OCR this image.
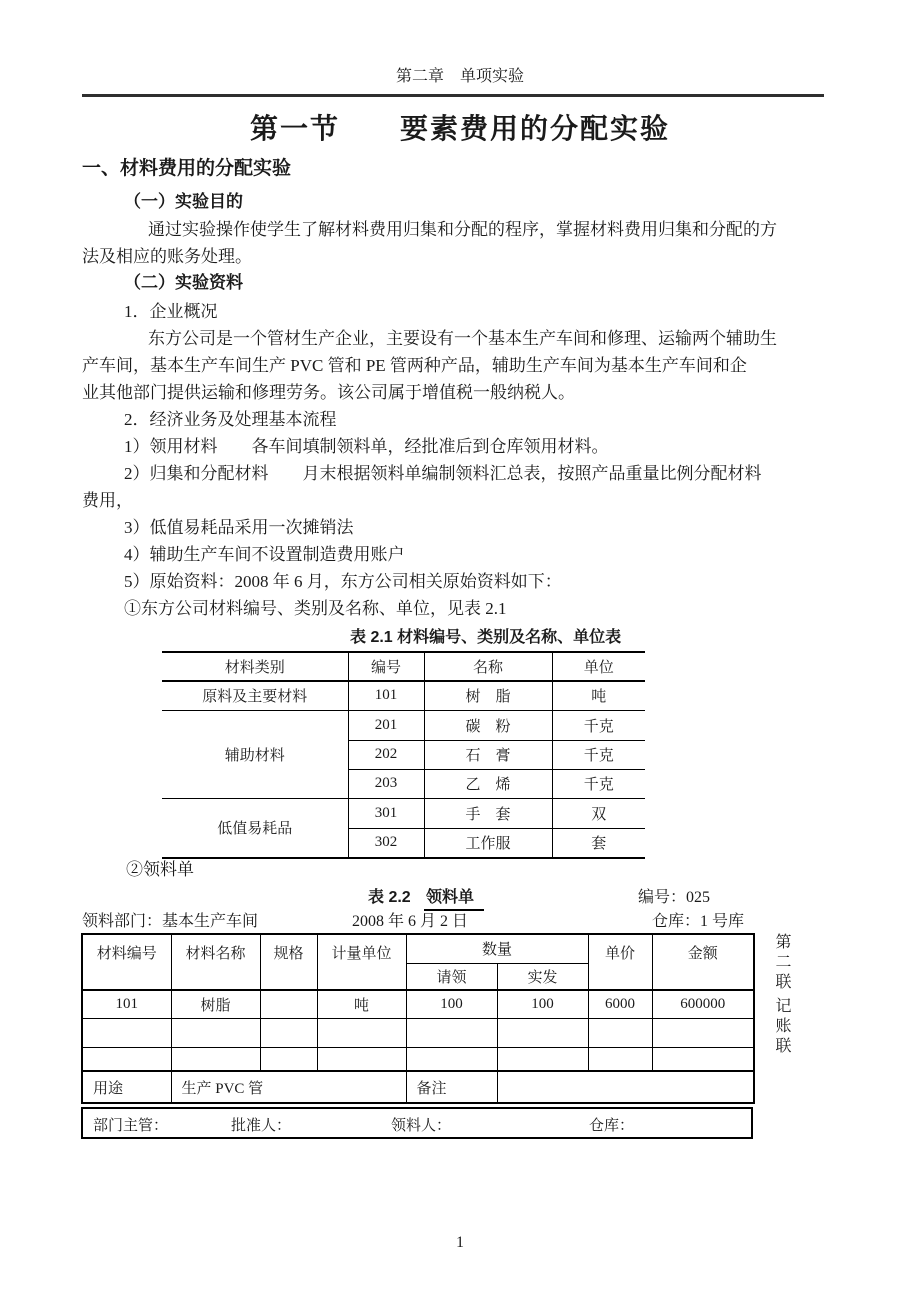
第二章　单项实验
第一节　　要素费用的分配实验
一、材料费用的分配实验
（一）实验目的
通过实验操作使学生了解材料费用归集和分配的程序，掌握材料费用归集和分配的方
法及相应的账务处理。
（二）实验资料
1．企业概况
东方公司是一个管材生产企业，主要设有一个基本生产车间和修理、运输两个辅助生
产车间，基本生产车间生产 PVC 管和 PE 管两种产品，辅助生产车间为基本生产车间和企
业其他部门提供运输和修理劳务。该公司属于增值税一般纳税人。
2．经济业务及处理基本流程
1）领用材料　　各车间填制领料单，经批准后到仓库领用材料。
2）归集和分配材料　　月末根据领料单编制领料汇总表，按照产品重量比例分配材料
费用，
3）低值易耗品采用一次摊销法
4）辅助生产车间不设置制造费用账户
5）原始资料：2008 年 6 月，东方公司相关原始资料如下：
①东方公司材料编号、类别及名称、单位，见表 2.1
表 2.1 材料编号、类别及名称、单位表
材料类别	编号	名称	单位
原料及主要材料	101	树　脂	吨
辅助材料	201	碳　粉	千克
	202	石　膏	千克
	203	乙　烯	千克
低值易耗品	301	手　套	双
	302	工作服	套
②领料单
表 2.2 领料单	编号：025
领料部门：基本生产车间	2008 年 6 月 2 日	仓库：1 号库
材料编号	材料名称	规格	计量单位	数量		单价	金额
				请领	实发		
101	树脂		吨	100	100	6000	600000

用途	生产 PVC 管			备注			
部门主管：	批准人：	领料人：	仓库：
第二联
记账联
1
